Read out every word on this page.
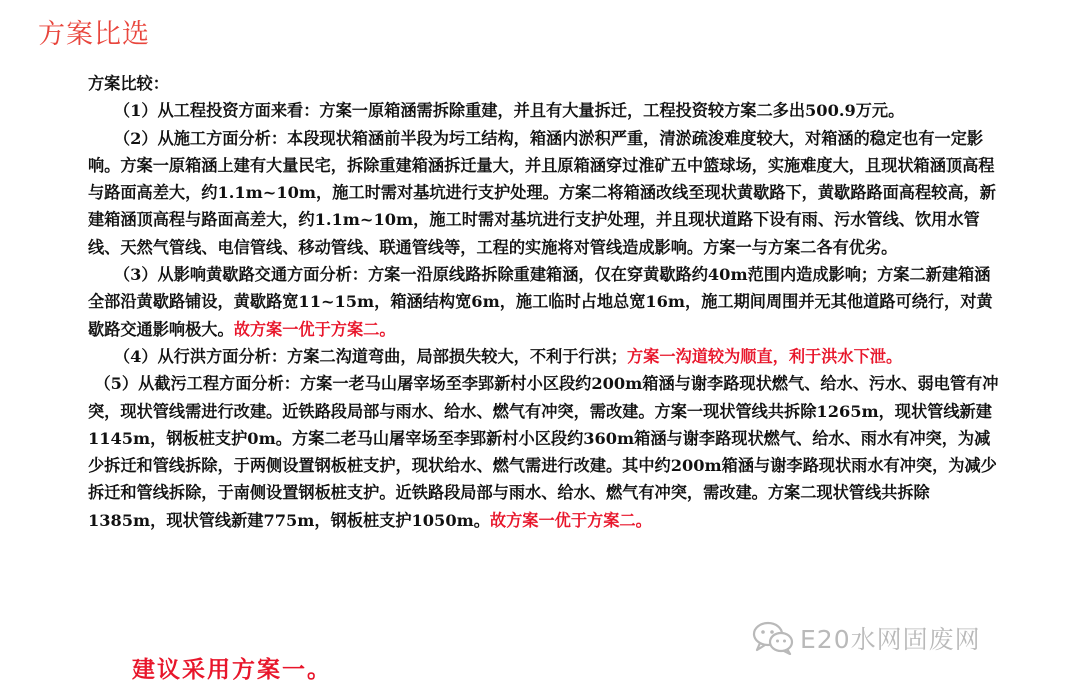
方案比选

方案比较：

（1）从工程投资方面来看：方案一原箱涵需拆除重建，并且有大量拆迁，工程投资较方案二多出500.9万元。

（2）从施工方面分析：本段现状箱涵前半段为圬工结构，箱涵内淤积严重，清淤疏浚难度较大，对箱涵的稳定也有一定影响。方案一原箱涵上建有大量民宅，拆除重建箱涵拆迁量大，并且原箱涵穿过淮矿五中篮球场，实施难度大，且现状箱涵顶高程与路面高差大，约1.1m~10m，施工时需对基坑进行支护处理。方案二将箱涵改线至现状黄歇路下，黄歇路路面高程较高，新建箱涵顶高程与路面高差大，约1.1m~10m，施工时需对基坑进行支护处理，并且现状道路下设有雨、污水管线、饮用水管线、天然气管线、电信管线、移动管线、联通管线等，工程的实施将对管线造成影响。方案一与方案二各有优劣。

（3）从影响黄歇路交通方面分析：方案一沿原线路拆除重建箱涵，仅在穿黄歇路约40m范围内造成影响；方案二新建箱涵全部沿黄歇路铺设，黄歇路宽11~15m，箱涵结构宽6m，施工临时占地总宽16m，施工期间周围并无其他道路可绕行，对黄歇路交通影响极大。故方案一优于方案二。

（4）从行洪方面分析：方案二沟道弯曲，局部损失较大，不利于行洪；方案一沟道较为顺直，利于洪水下泄。

（5）从截污工程方面分析：方案一老马山屠宰场至李郢新村小区段约200m箱涵与谢李路现状燃气、给水、污水、弱电管有冲突，现状管线需进行改建。近铁路段局部与雨水、给水、燃气有冲突，需改建。方案一现状管线共拆除1265m，现状管线新建1145m，钢板桩支护0m。方案二老马山屠宰场至李郢新村小区段约360m箱涵与谢李路现状燃气、给水、雨水有冲突，为减少拆迁和管线拆除，于两侧设置钢板桩支护，现状给水、燃气需进行改建。其中约200m箱涵与谢李路现状雨水有冲突，为减少拆迁和管线拆除，于南侧设置钢板桩支护。近铁路段局部与雨水、给水、燃气有冲突，需改建。方案二现状管线共拆除1385m，现状管线新建775m，钢板桩支护1050m。故方案一优于方案二。

建议采用方案一。
E20水网固废网
